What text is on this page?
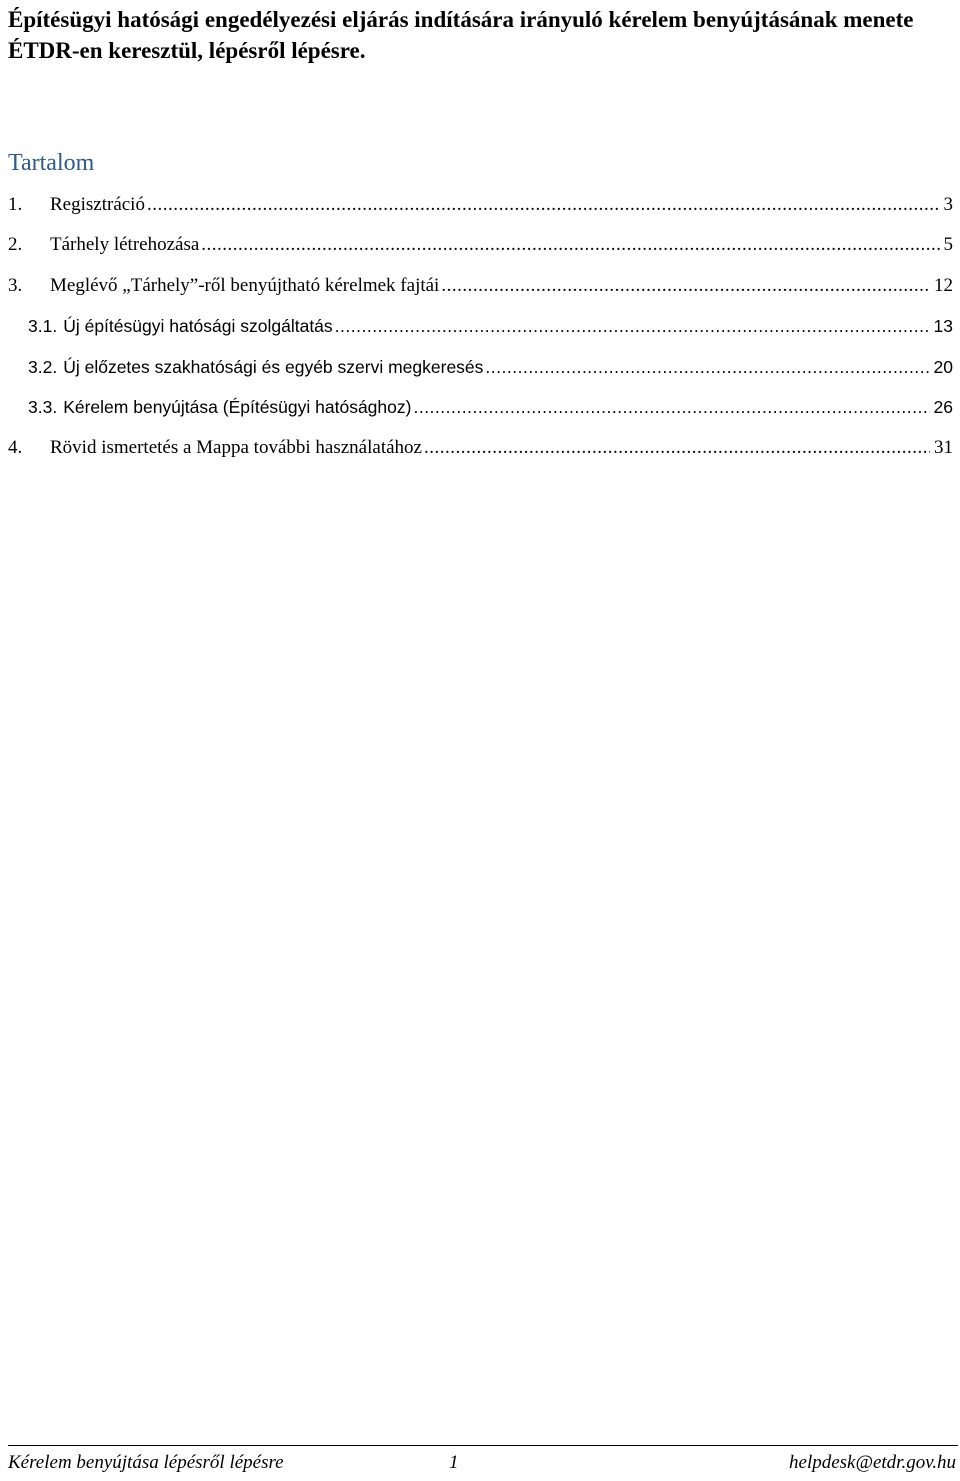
Építésügyi hatósági engedélyezési eljárás indítására irányuló kérelem benyújtásának menete ÉTDR-en keresztül, lépésről lépésre.
Tartalom
1.	Regisztráció .....	3
2.	Tárhely létrehozása .....	5
3.	Meglévő „Tárhely”-ről benyújtható kérelmek fajtái .....	12
3.1. Új építésügyi hatósági szolgáltatás .....	13
3.2. Új előzetes szakhatósági és egyéb szervi megkeresés .....	20
3.3. Kérelem benyújtása (Építésügyi hatósághoz) .....	26
4.	Rövid ismertetés a Mappa további használatához .....	31
Kérelem benyújtása lépésről lépésre	1	helpdesk@etdr.gov.hu
